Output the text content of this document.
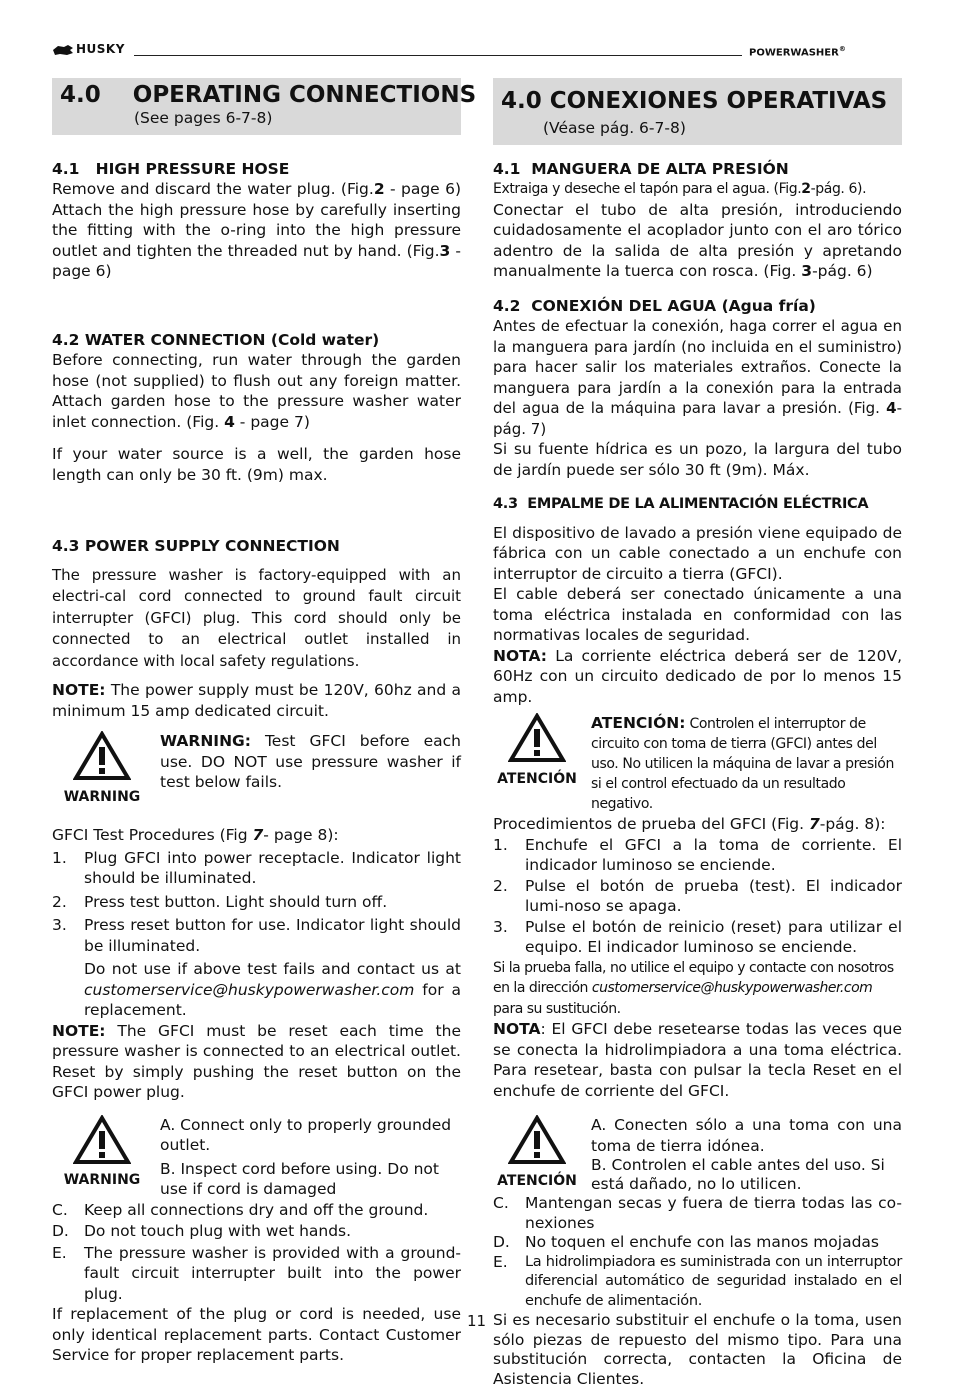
HUSKY	POWERWASHER®
4.0    OPERATING CONNECTIONS
(See pages 6-7-8)
4.1   HIGH PRESSURE HOSE

Remove and discard the water plug. (Fig.2 - page 6) Attach the high pressure hose by carefully inserting the fitting with the o-ring into the high pressure outlet and tighten the threaded nut by hand. (Fig.3 - page 6)

4.2 WATER CONNECTION (Cold water)

Before connecting, run water through the garden hose (not supplied) to flush out any foreign matter. Attach garden hose to the pressure washer water inlet connection. (Fig. 4 - page 7)

If your water source is a well, the garden hose length can only be 30 ft. (9m) max.

4.3 POWER SUPPLY CONNECTION

The pressure washer is factory-equipped with an electri-cal cord connected to ground fault circuit interrupter (GFCI) plug. This cord should only be connected to an electrical outlet installed in accordance with local safety regulations.

NOTE: The power supply must be 120V, 60hz and a minimum 15 amp dedicated circuit.

WARNING
WARNING: Test GFCI before each use. DO NOT use pressure washer if test below fails.

GFCI Test Procedures (Fig 7- page 8):

1.	Plug GFCI into power receptacle. Indicator light should be illuminated.
2.	Press test button. Light should turn off.
3.	Press reset button for use. Indicator light should be illuminated.
Do not use if above test fails and contact us at customerservice@huskypowerwasher.com for a replacement.

NOTE: The GFCI must be reset each time the pressure washer is connected to an electrical outlet. Reset by simply pushing the reset button on the GFCI power plug.

WARNING

A. Connect only to properly grounded outlet.

B. Inspect cord before using. Do not use if cord is damaged

C.	Keep all connections dry and off the ground.
D. Do not touch plug with wet hands.
E.	The pressure washer is provided with a ground-fault circuit interrupter built into the power plug.

If replacement of the plug or cord is needed, use only identical replacement parts. Contact Customer Service for proper replacement parts.

4.0 CONEXIONES OPERATIVAS
(Véase pág. 6-7-8)
4.1  MANGUERA DE ALTA PRESIÓN

Extraiga y deseche el tapón para el agua. (Fig.2-pág. 6).

Conectar el tubo de alta presión, introduciendo cuidadosamente el acoplador junto con el aro tórico adentro de la salida de alta presión y apretando manualmente la tuerca con rosca. (Fig. 3-pág. 6)

4.2  CONEXIÓN DEL AGUA (Agua fría)

Antes de efectuar la conexión, haga correr el agua en la manguera para jardín (no incluida en el suministro) para hacer salir los materiales extraños. Conecte la manguera para jardín a la conexión para la entrada del agua de la máquina para lavar a presión. (Fig. 4-pág. 7)

Si su fuente hídrica es un pozo, la largura del tubo de jardín puede ser sólo 30 ft (9m). Máx.

4.3  EMPALME DE LA ALIMENTACIÓN ELÉCTRICA

El dispositivo de lavado a presión viene equipado de fábrica con un cable conectado a un enchufe con interruptor de circuito a tierra (GFCI).

El cable deberá ser conectado únicamente a una toma eléctrica instalada en conformidad con las normativas locales de seguridad.

NOTA: La corriente eléctrica deberá ser de 120V, 60Hz con un circuito dedicado de por lo menos 15 amp.

ATENCIÓN
ATENCIÓN: Controlen el interruptor de circuito con toma de tierra (GFCI) antes del uso. No utilicen la máquina de lavar a presión si el control efectuado da un resultado negativo.

Procedimientos de prueba del GFCI (Fig. 7-pág. 8):

1.	Enchufe el GFCI a la toma de corriente. El indicador luminoso se enciende.
2.	Pulse el botón de prueba (test). El indicador lumi-noso se apaga.
3.	Pulse el botón de reinicio (reset) para utilizar el equipo. El indicador luminoso se enciende.

Si la prueba falla, no utilice el equipo y contacte con nosotros en la dirección customerservice@huskypowerwasher.com para su sustitución.

NOTA: El GFCI debe resetearse todas las veces que se conecta la hidrolimpiadora a una toma eléctrica. Para resetear, basta con pulsar la tecla Reset en el enchufe de corriente del GFCI.

ATENCIÓN

A. Conecten sólo a una toma con una toma de tierra idónea.

B. Controlen el cable antes del uso. Si está dañado, no lo utilicen.

C.	Mantengan secas y fuera de tierra todas las co-nexiones
D. No toquen el enchufe con las manos mojadas
E.	La hidrolimpiadora es suministrada con un interruptor diferencial automático de seguridad instalado en el enchufe de alimentación.

Si es necesario substituir el enchufe o la toma, usen sólo piezas de repuesto del mismo tipo. Para una substitución correcta, contacten la Oficina de Asistencia Clientes.

11
